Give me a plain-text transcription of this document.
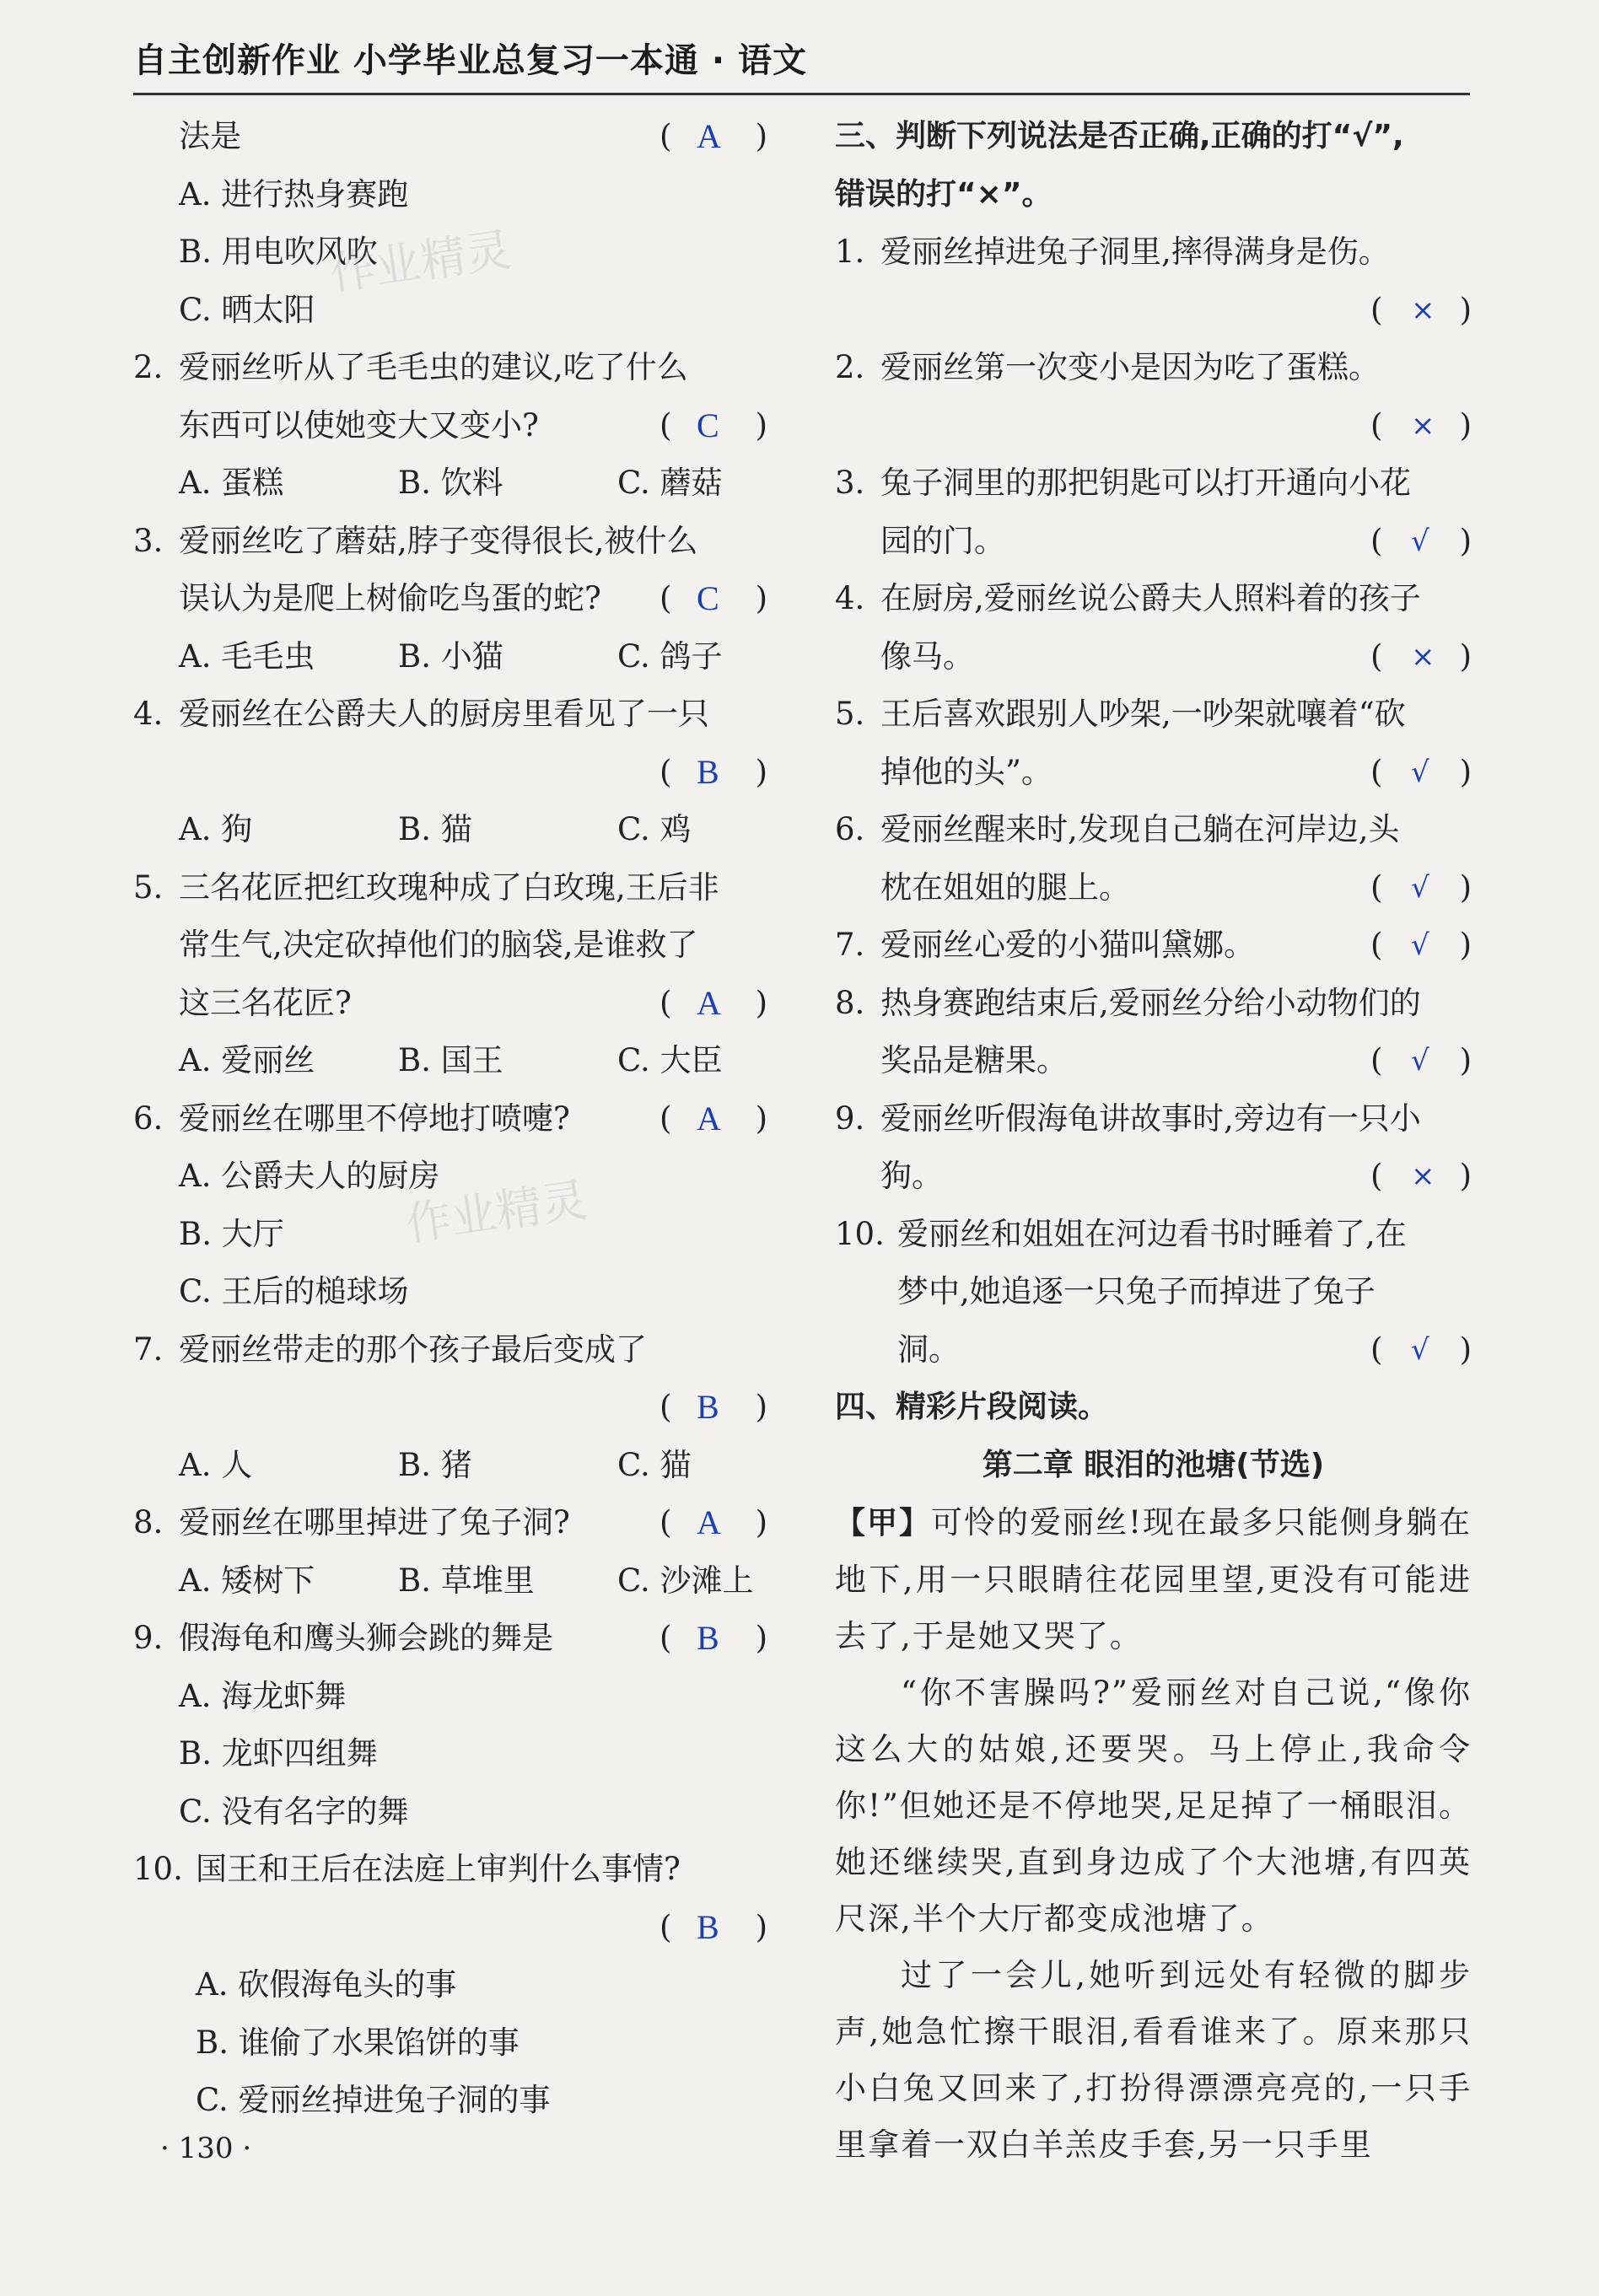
自主创新作业 小学毕业总复习一本通 · 语文
法是	( A )
A. 进行热身赛跑
B. 用电吹风吹
C. 晒太阳
2. 爱丽丝听从了毛毛虫的建议,吃了什么
东西可以使她变大又变小?	( C )
A. 蛋糕	B. 饮料	C. 蘑菇
3. 爱丽丝吃了蘑菇,脖子变得很长,被什么
误认为是爬上树偷吃鸟蛋的蛇? ( C )
A. 毛毛虫	B. 小猫	C. 鸽子
4. 爱丽丝在公爵夫人的厨房里看见了一只
( B )
A. 狗	B. 猫	C. 鸡
5. 三名花匠把红玫瑰种成了白玫瑰,王后非
常生气,决定砍掉他们的脑袋,是谁救了
这三名花匠?	( A )
A. 爱丽丝	B. 国王	C. 大臣
6. 爱丽丝在哪里不停地打喷嚏?	( A )
A. 公爵夫人的厨房
B. 大厅
C. 王后的槌球场
7. 爱丽丝带走的那个孩子最后变成了
( B )
A. 人	B. 猪	C. 猫
8. 爱丽丝在哪里掉进了兔子洞?	( A )
A. 矮树下	B. 草堆里	C. 沙滩上
9. 假海龟和鹰头狮会跳的舞是	( B )
A. 海龙虾舞
B. 龙虾四组舞
C. 没有名字的舞
10. 国王和王后在法庭上审判什么事情?
( B )
A. 砍假海龟头的事
B. 谁偷了水果馅饼的事
C. 爱丽丝掉进兔子洞的事
三、判断下列说法是否正确,正确的打“√”,
错误的打“×”。
1. 爱丽丝掉进兔子洞里,摔得满身是伤。
( × )
2. 爱丽丝第一次变小是因为吃了蛋糕。
( × )
3. 兔子洞里的那把钥匙可以打开通向小花
园的门。	( √ )
4. 在厨房,爱丽丝说公爵夫人照料着的孩子
像马。	( × )
5. 王后喜欢跟别人吵架,一吵架就嚷着“砍
掉他的头”。	( √ )
6. 爱丽丝醒来时,发现自己躺在河岸边,头
枕在姐姐的腿上。	( √ )
7. 爱丽丝心爱的小猫叫黛娜。	( √ )
8. 热身赛跑结束后,爱丽丝分给小动物们的
奖品是糖果。	( √ )
9. 爱丽丝听假海龟讲故事时,旁边有一只小
狗。	( × )
10. 爱丽丝和姐姐在河边看书时睡着了,在
梦中,她追逐一只兔子而掉进了兔子
洞。	( √ )
四、精彩片段阅读。
第二章 眼泪的池塘(节选)
【甲】可怜的爱丽丝!现在最多只能侧身躺在地下,用一只眼睛往花园里望,更没有可能进去了,于是她又哭了。
“你不害臊吗?”爱丽丝对自己说,“像你这么大的姑娘,还要哭。马上停止,我命令你!”但她还是不停地哭,足足掉了一桶眼泪。她还继续哭,直到身边成了个大池塘,有四英尺深,半个大厅都变成池塘了。
过了一会儿,她听到远处有轻微的脚步声,她急忙擦干眼泪,看看谁来了。原来那只小白兔又回来了,打扮得漂漂亮亮的,一只手里拿着一双白羊羔皮手套,另一只手里
作业精灵
作业精灵
· 130 ·
